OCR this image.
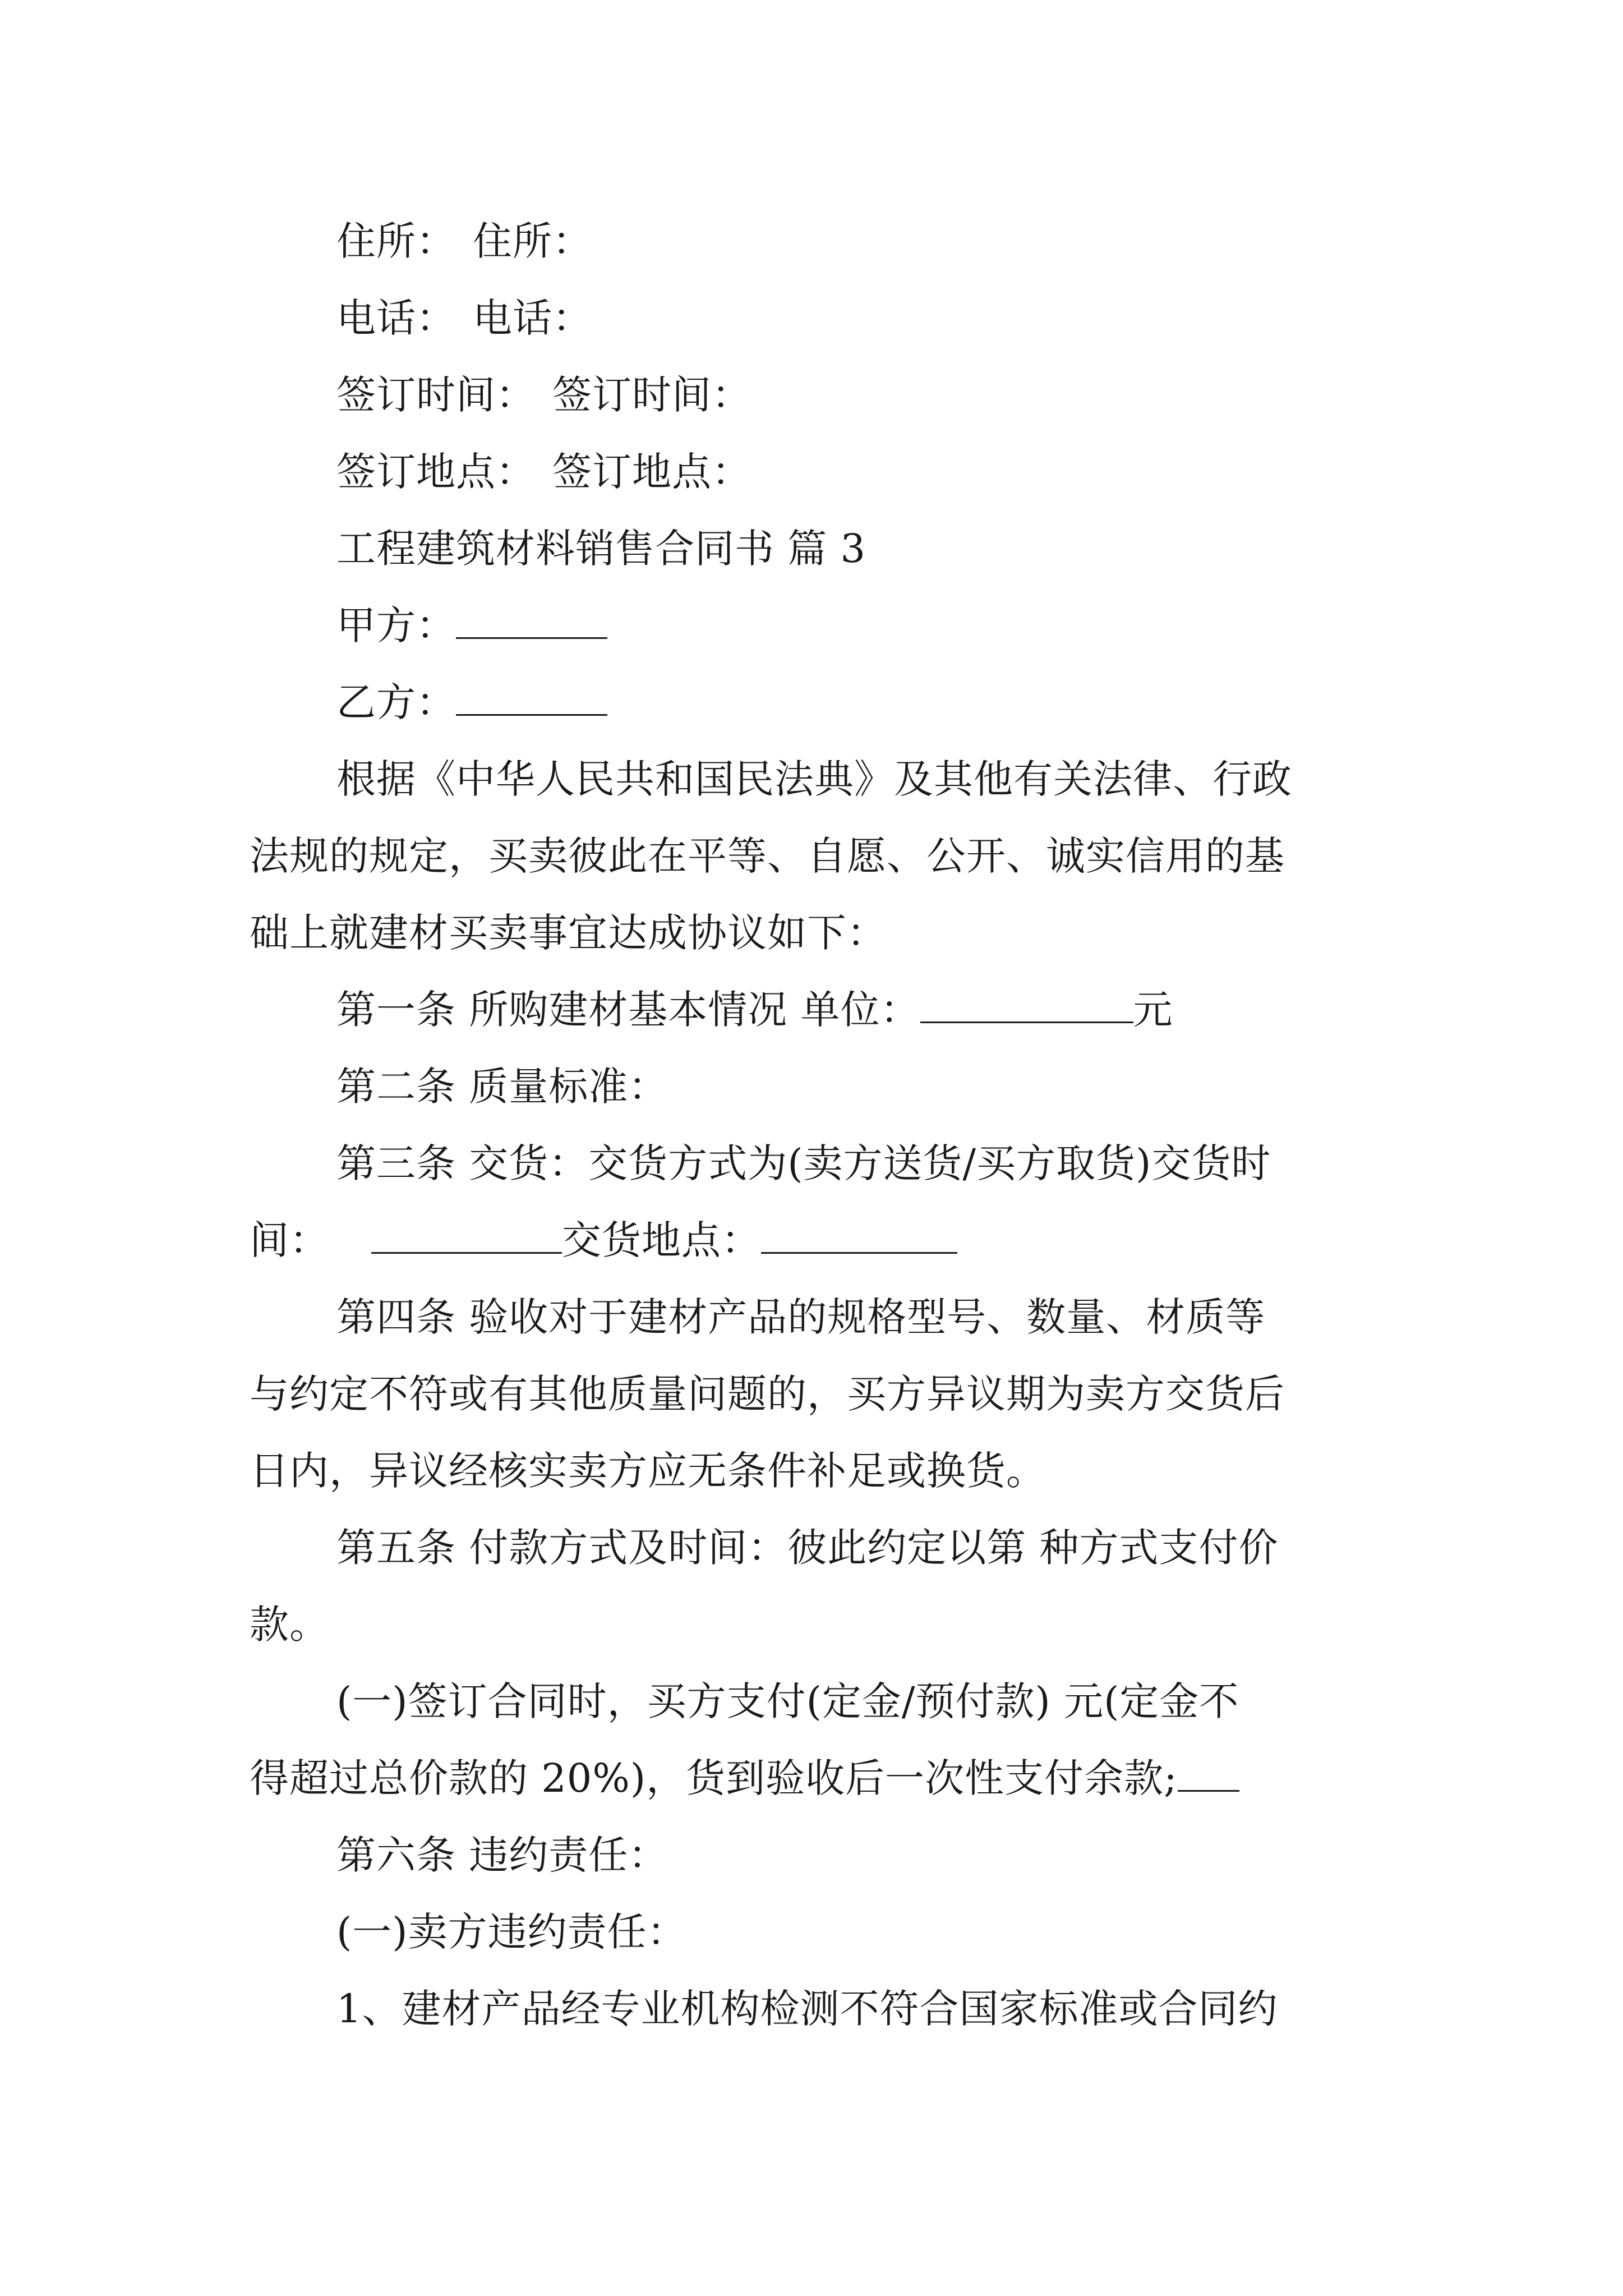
住所： 住所：
电话： 电话：
签订时间： 签订时间：
签订地点： 签订地点：
工程建筑材料销售合同书 篇 3
甲方：
乙方：
根据《中华人民共和国民法典》及其他有关法律、行政
法规的规定，买卖彼此在平等、自愿、公开、诚实信用的基
础上就建材买卖事宜达成协议如下：
第一条 所购建材基本情况 单位：	元
第二条 质量标准：
第三条 交货：交货方式为(卖方送货/买方取货)交货时
间：	交货地点：
第四条 验收对于建材产品的规格型号、数量、材质等
与约定不符或有其他质量问题的，买方异议期为卖方交货后
日内，异议经核实卖方应无条件补足或换货。
第五条 付款方式及时间：彼此约定以第 种方式支付价
款。
(一)签订合同时，买方支付(定金/预付款) 元(定金不
得超过总价款的 20%)，货到验收后一次性支付余款;
第六条 违约责任：
(一)卖方违约责任：
1、建材产品经专业机构检测不符合国家标准或合同约
